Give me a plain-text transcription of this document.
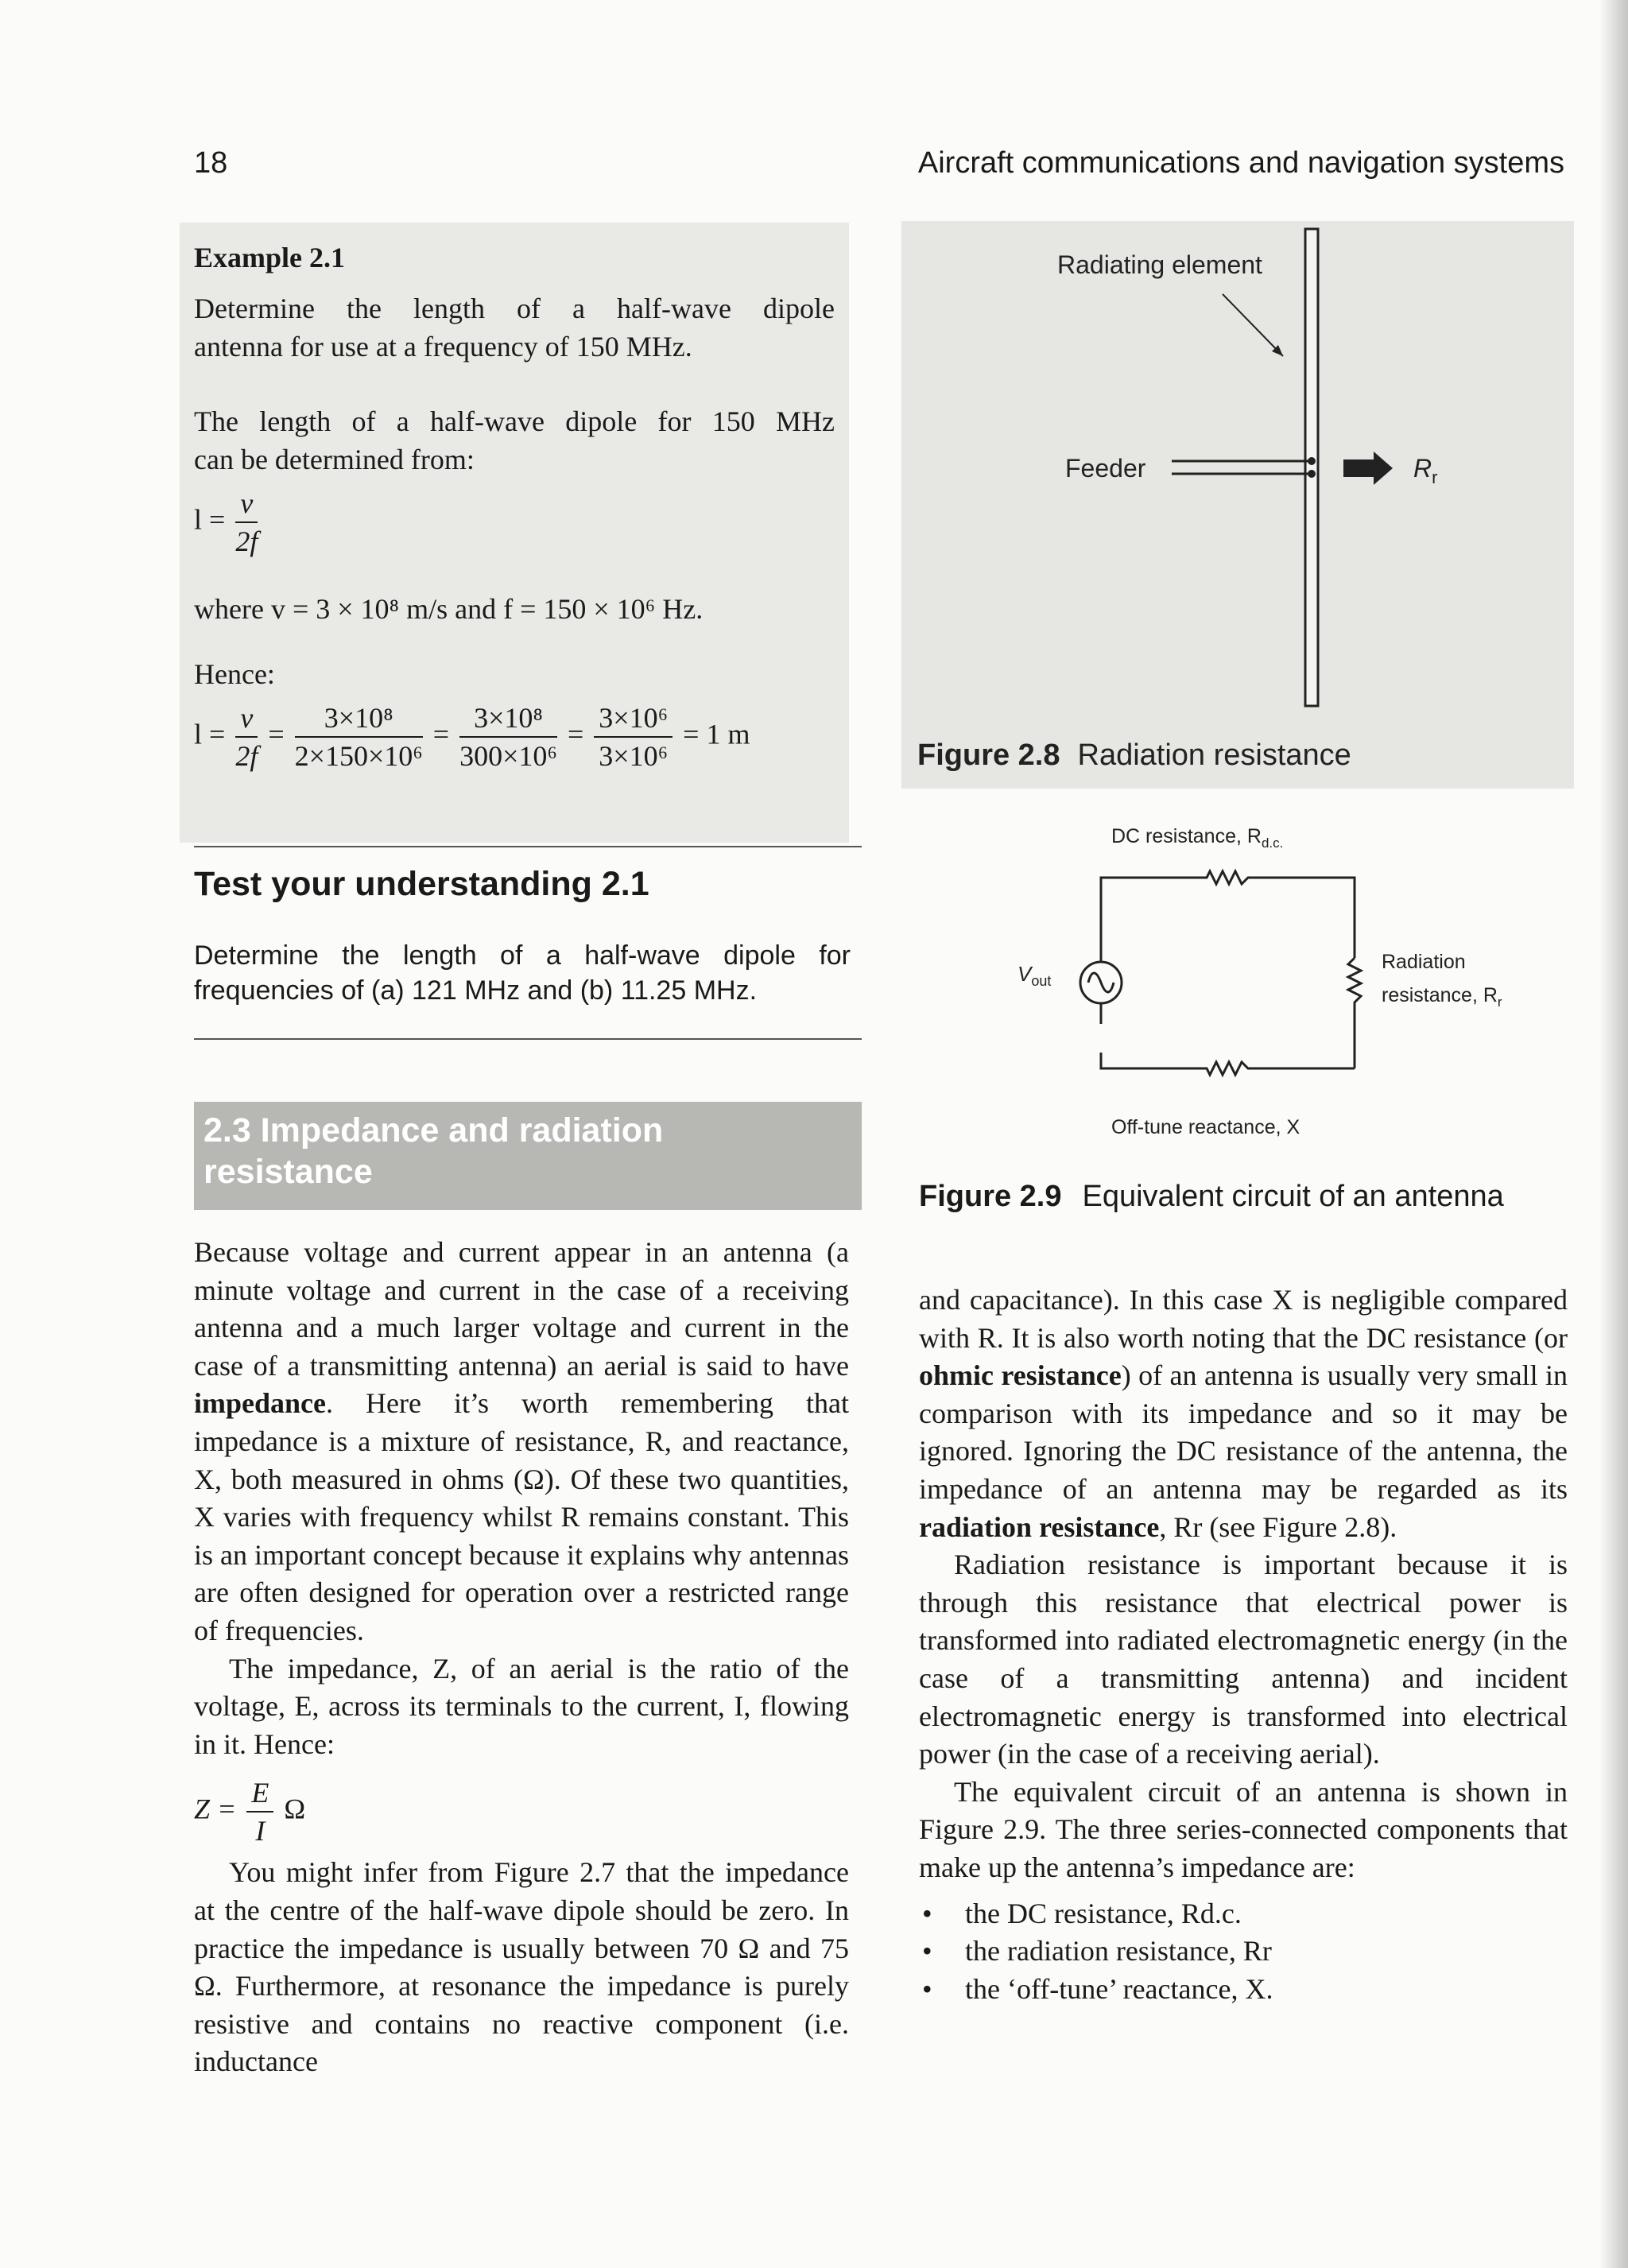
18	Aircraft communications and navigation systems
Example 2.1
Determine the length of a half-wave dipole
antenna for use at a frequency of 150 MHz.
The length of a half-wave dipole for 150 MHz
can be determined from:
$l = \frac{v}{2f}$
where v = 3 × 10⁸ m/s and f = 150 × 10⁶ Hz.
Hence:
$l = \frac{v}{2f} = \frac{\text{3×10⁸}}{\text{2×150×10⁶}} = \frac{\text{3×10⁸}}{\text{300×10⁶}} = \frac{\text{3×10⁶}}{\text{3×10⁶}} = 1$ m
Test your understanding 2.1
Determine the length of a half-wave dipole for
frequencies of (a) 121 MHz and (b) 11.25 MHz.
2.3 Impedance and radiation
resistance

Because voltage and current appear in an antenna (a minute voltage and current in the case of a receiving antenna and a much larger voltage and current in the case of a transmitting antenna) an aerial is said to have impedance. Here it’s worth remembering that impedance is a mixture of resistance, R, and reactance, X, both measured in ohms (Ω). Of these two quantities, X varies with frequency whilst R remains constant. This is an important concept because it explains why antennas are often designed for operation over a restricted range of frequencies.

The impedance, Z, of an aerial is the ratio of the voltage, E, across its terminals to the current, I, flowing in it. Hence:

$Z = \frac{E}{I}$ Ω

You might infer from Figure 2.7 that the impedance at the centre of the half-wave dipole should be zero. In practice the impedance is usually between 70 Ω and 75 Ω. Furthermore, at resonance the impedance is purely resistive and contains no reactive component (i.e. inductance

Radiating element
Feeder	$R_r$
Figure 2.8 Radiation resistance
DC resistance, $R_{d.c.}$
$V_{out}$
Radiation
resistance, $R_r$
Off-tune reactance, X
Figure 2.9 Equivalent circuit of an antenna

and capacitance). In this case X is negligible compared with R. It is also worth noting that the DC resistance (or ohmic resistance) of an antenna is usually very small in comparison with its impedance and so it may be ignored. Ignoring the DC resistance of the antenna, the impedance of an antenna may be regarded as its radiation resistance, Rr (see Figure 2.8).

Radiation resistance is important because it is through this resistance that electrical power is transformed into radiated electromagnetic energy (in the case of a transmitting antenna) and incident electromagnetic energy is transformed into electrical power (in the case of a receiving aerial).

The equivalent circuit of an antenna is shown in Figure 2.9. The three series-connected components that make up the antenna’s impedance are:

• the DC resistance, Rd.c.
• the radiation resistance, Rr
• the ‘off-tune’ reactance, X.
